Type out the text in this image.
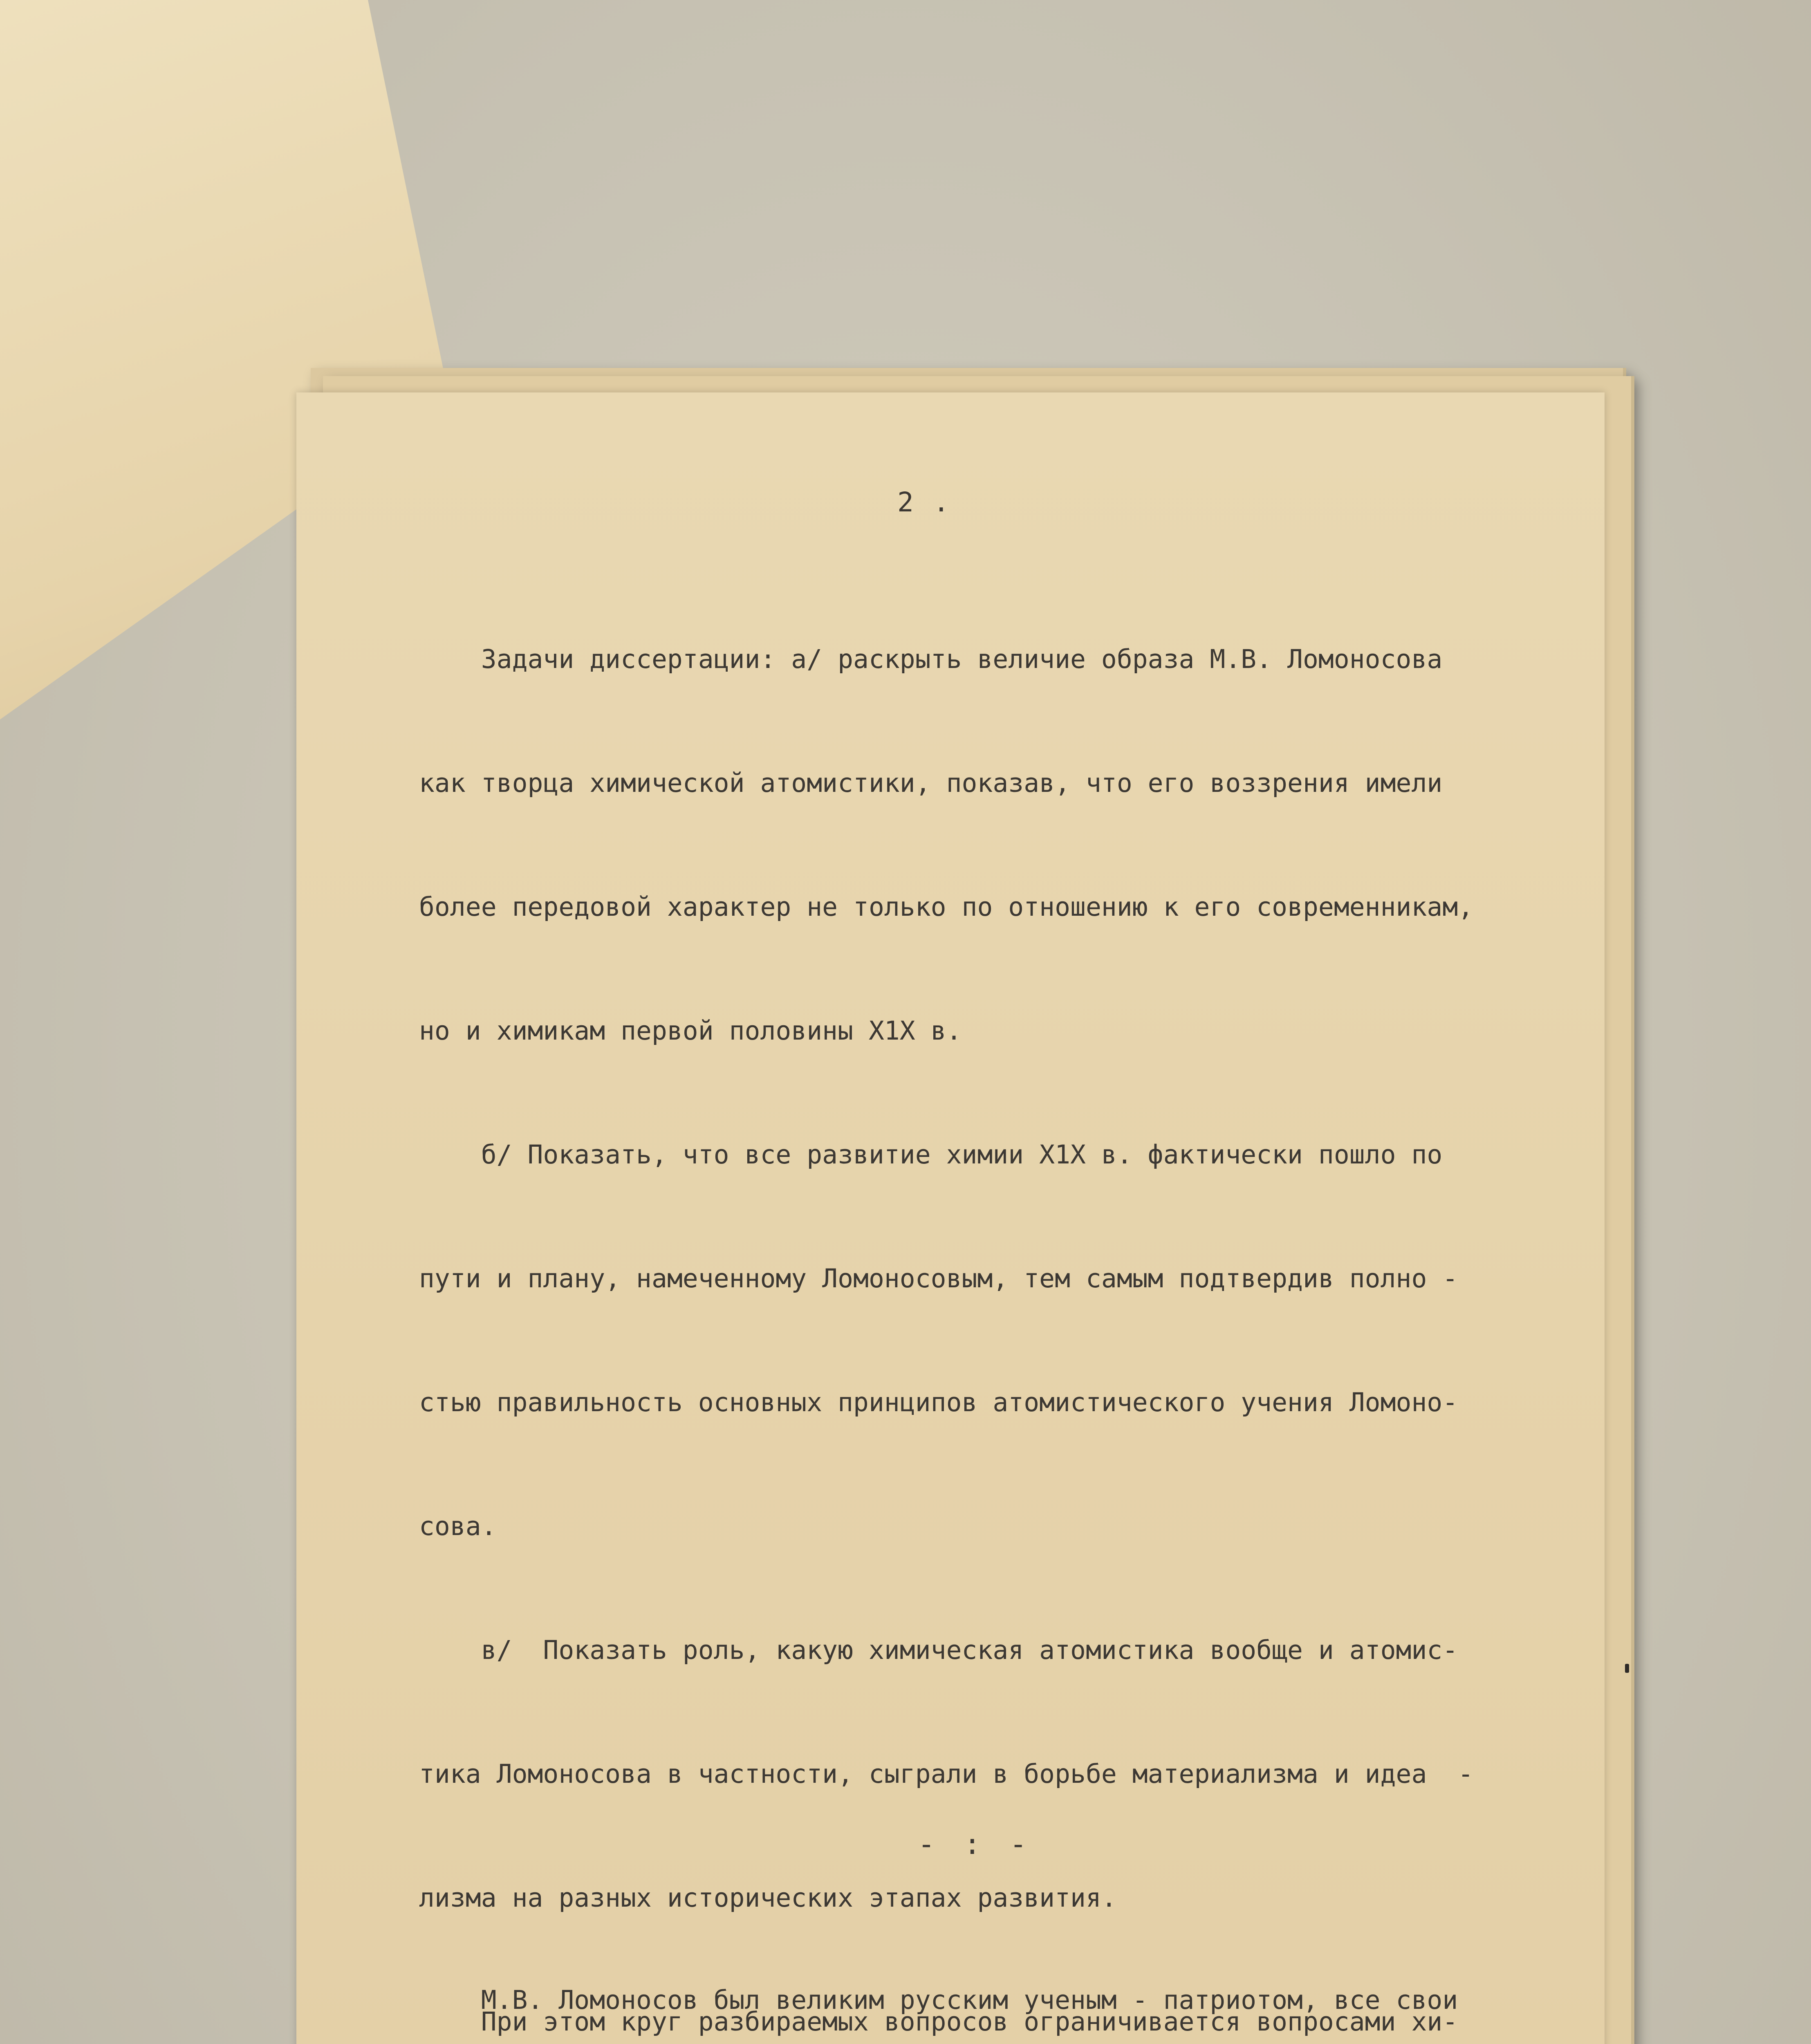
2 .

Задачи диссертации: а/ раскрыть величие образа М.В. Ломоносова

как творца химической атомистики, показав, что его воззрения имели

более передовой характер не только по отношению к его современникам,

но и химикам первой половины Х1Х в.

б/ Показать, что все развитие химии Х1Х в. фактически пошло по

пути и плану, намеченному Ломоносовым, тем самым подтвердив полно -

стью правильность основных принципов атомистического учения Ломоно-

сова.

в/  Показать роль, какую химическая атомистика вообще и атомис-

тика Ломоносова в частности, сыграли в борьбе материализма и идеа  -

лизма на разных исторических этапах развития.

При этом круг разбираемых вопросов ограничивается вопросами хи-

- : -

М.В. Ломоносов был великим русским ученым - патриотом, все свои
